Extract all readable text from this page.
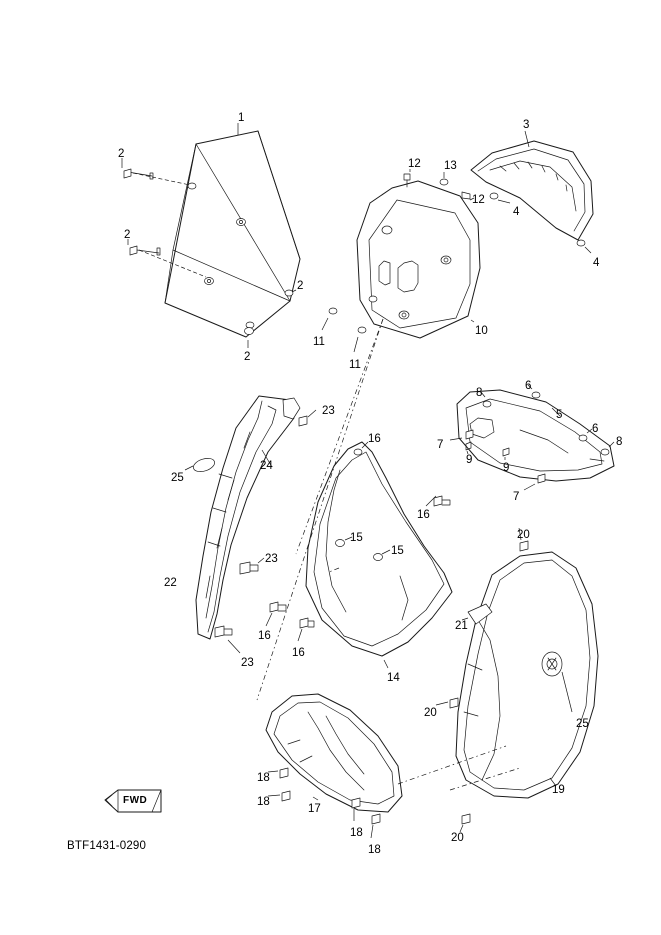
1
2
2
2
2
3
4
4
12 13
12
10
11
11
8
6
5
6
8
7
9
9
7
23
25
24
16
16
15
15
23
22
16
16
23
14
20
21
25
20
19
18
18
17
18
18
20
FWD
BTF1431-0290
